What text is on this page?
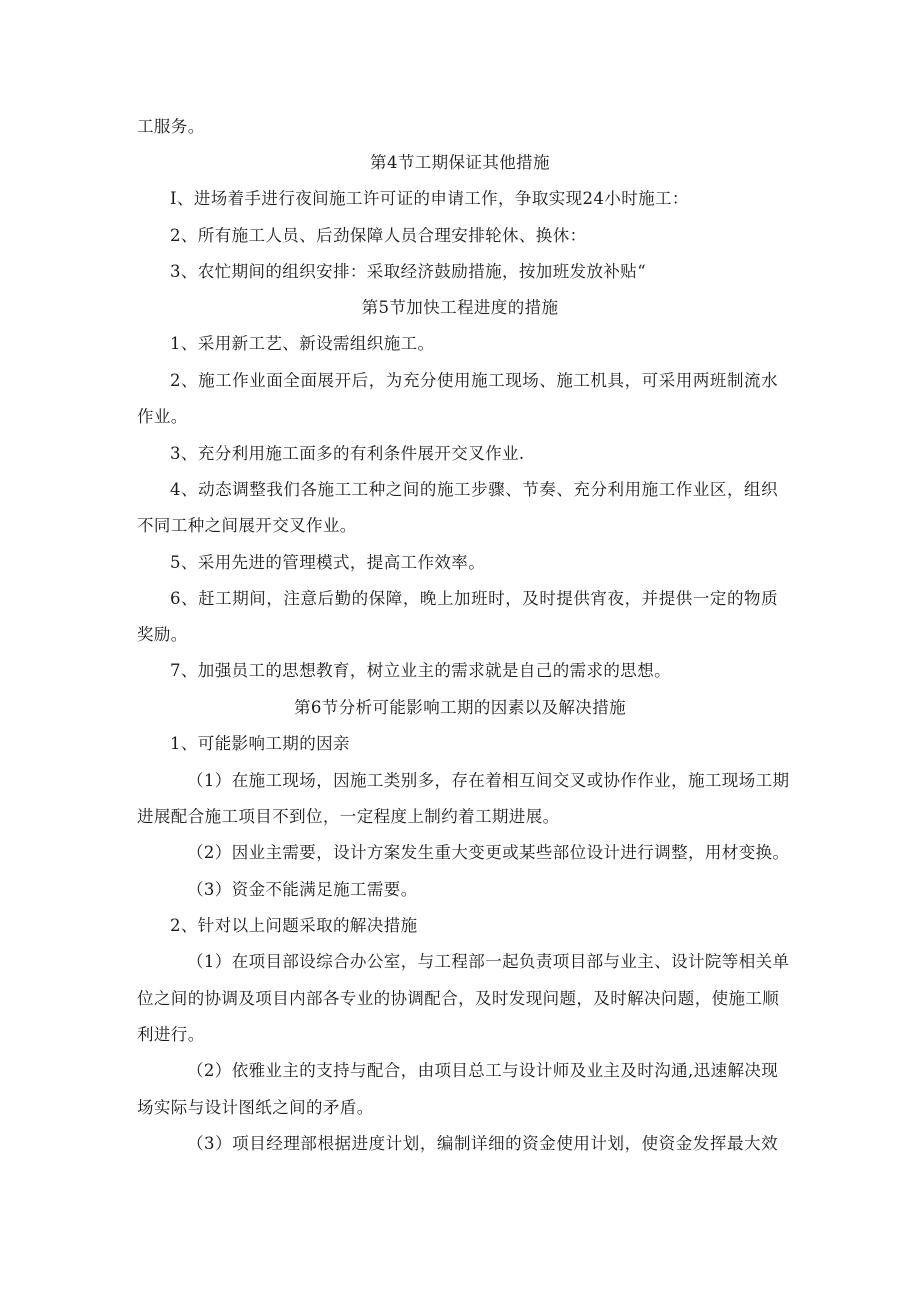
工服务。
第4节工期保证其他措施
I、进场着手进行夜间施工许可证的申请工作，争取实现24小时施工：
2、所有施工人员、后劲保障人员合理安排轮休、换休：
3、农忙期间的组织安排：采取经济鼓励措施，按加班发放补贴“
第5节加快工程进度的措施
1、采用新工艺、新设需组织施工。
2、施工作业面全面展开后，为充分使用施工现场、施工机具，可采用两班制流水
作业。
3、充分利用施工面多的有利条件展开交叉作业.
4、动态调整我们各施工工种之间的施工步骤、节奏、充分利用施工作业区，组织
不同工种之间展开交叉作业。
5、采用先进的管理模式，提高工作效率。
6、赶工期间，注意后勤的保障，晚上加班时，及时提供宵夜，并提供一定的物质
奖励。
7、加强员工的思想教育，树立业主的需求就是自己的需求的思想。
第6节分析可能影响工期的因素以及解决措施
1、可能影响工期的因亲
（1）在施工现场，因施工类别多，存在着相互间交叉或协作作业，施工现场工期
进展配合施工项目不到位，一定程度上制约着工期进展。
（2）因业主需要，设计方案发生重大变更或某些部位设计进行调整，用材变换。
（3）资金不能满足施工需要。
2、针对以上问题采取的解决措施
（1）在项目部设综合办公室，与工程部一起负责项目部与业主、设计院等相关单
位之间的协调及项目内部各专业的协调配合，及时发现问题，及时解决问题，使施工顺
利进行。
（2）依雅业主的支持与配合，由项目总工与设计师及业主及时沟通,迅速解决现
场实际与设计图纸之间的矛盾。
（3）项目经理部根据进度计划，编制详细的资金使用计划，使资金发挥最大效
